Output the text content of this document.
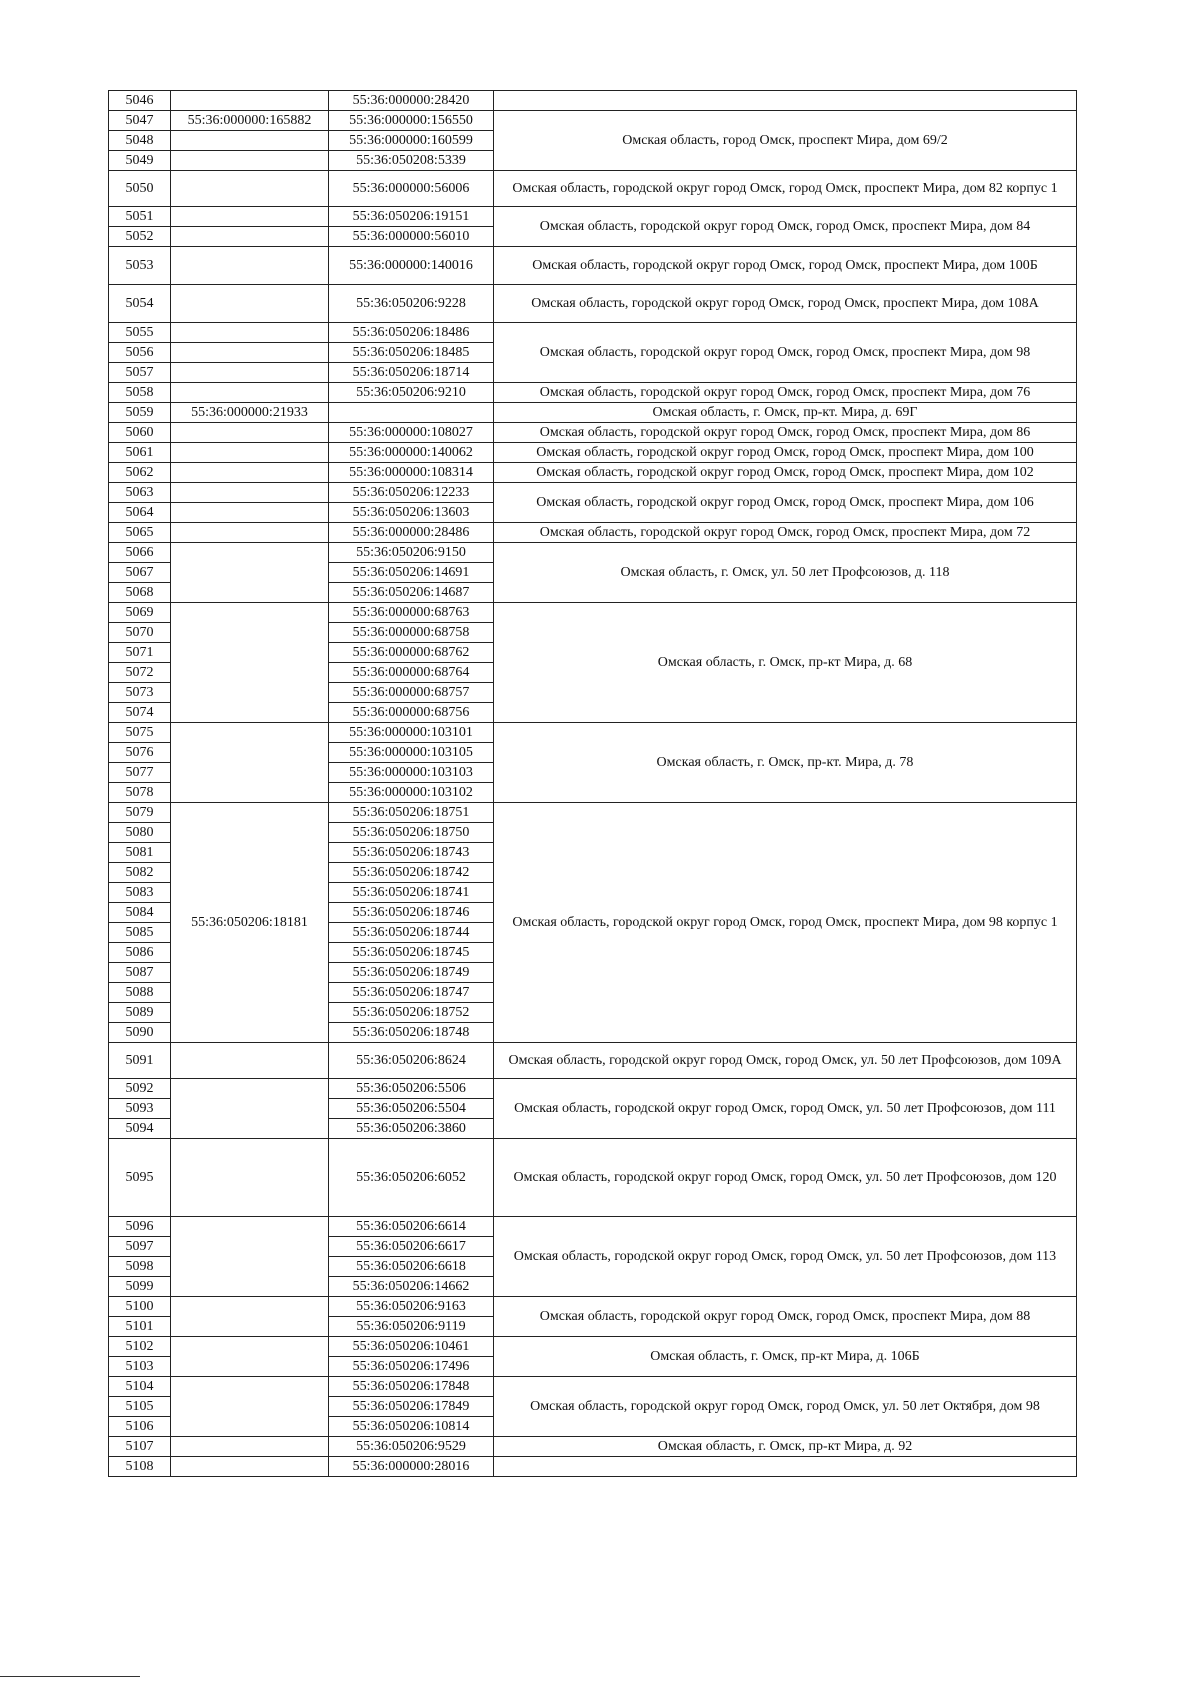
5046		55:36:000000:28420	
5047	55:36:000000:165882	55:36:000000:156550	Омская область, город Омск, проспект Мира, дом 69/2
5048		55:36:000000:160599	
5049		55:36:050208:5339	
5050		55:36:000000:56006	Омская область, городской округ город Омск, город Омск, проспект Мира, дом 82 корпус 1
5051		55:36:050206:19151	Омская область, городской округ город Омск, город Омск, проспект Мира, дом 84
5052		55:36:000000:56010	
5053		55:36:000000:140016	Омская область, городской округ город Омск, город Омск, проспект Мира, дом 100Б
5054		55:36:050206:9228	Омская область, городской округ город Омск, город Омск, проспект Мира, дом 108А
5055		55:36:050206:18486	Омская область, городской округ город Омск, город Омск, проспект Мира, дом 98
5056		55:36:050206:18485	
5057		55:36:050206:18714	
5058		55:36:050206:9210	Омская область, городской округ город Омск, город Омск, проспект Мира, дом 76
5059	55:36:000000:21933		Омская область, г. Омск, пр-кт. Мира, д. 69Г
5060		55:36:000000:108027	Омская область, городской округ город Омск, город Омск, проспект Мира, дом 86
5061		55:36:000000:140062	Омская область, городской округ город Омск, город Омск, проспект Мира, дом 100
5062		55:36:000000:108314	Омская область, городской округ город Омск, город Омск, проспект Мира, дом 102
5063		55:36:050206:12233	Омская область, городской округ город Омск, город Омск, проспект Мира, дом 106
5064		55:36:050206:13603	
5065		55:36:000000:28486	Омская область, городской округ город Омск, город Омск, проспект Мира, дом 72
5066		55:36:050206:9150	Омская область, г. Омск, ул. 50 лет Профсоюзов, д. 118
5067		55:36:050206:14691	
5068		55:36:050206:14687	
5069		55:36:000000:68763	Омская область, г. Омск, пр-кт Мира, д. 68
5070		55:36:000000:68758	
5071		55:36:000000:68762	
5072		55:36:000000:68764	
5073		55:36:000000:68757	
5074		55:36:000000:68756	
5075		55:36:000000:103101	Омская область, г. Омск, пр-кт. Мира, д. 78
5076		55:36:000000:103105	
5077		55:36:000000:103103	
5078		55:36:000000:103102	
5079	55:36:050206:18181	55:36:050206:18751	Омская область, городской округ город Омск, город Омск, проспект Мира, дом 98 корпус 1
5080		55:36:050206:18750	
5081		55:36:050206:18743	
5082		55:36:050206:18742	
5083		55:36:050206:18741	
5084		55:36:050206:18746	
5085		55:36:050206:18744	
5086		55:36:050206:18745	
5087		55:36:050206:18749	
5088		55:36:050206:18747	
5089		55:36:050206:18752	
5090		55:36:050206:18748	
5091		55:36:050206:8624	Омская область, городской округ город Омск, город Омск, ул. 50 лет Профсоюзов, дом 109А
5092		55:36:050206:5506	Омская область, городской округ город Омск, город Омск, ул. 50 лет Профсоюзов, дом 111
5093		55:36:050206:5504	
5094		55:36:050206:3860	
5095		55:36:050206:6052	Омская область, городской округ город Омск, город Омск, ул. 50 лет Профсоюзов, дом 120
5096		55:36:050206:6614	Омская область, городской округ город Омск, город Омск, ул. 50 лет Профсоюзов, дом 113
5097		55:36:050206:6617	
5098		55:36:050206:6618	
5099		55:36:050206:14662	
5100		55:36:050206:9163	Омская область, городской округ город Омск, город Омск, проспект Мира, дом 88
5101		55:36:050206:9119	
5102		55:36:050206:10461	Омская область, г. Омск, пр-кт Мира, д. 106Б
5103		55:36:050206:17496	
5104		55:36:050206:17848	Омская область, городской округ город Омск, город Омск, ул. 50 лет Октября, дом 98
5105		55:36:050206:17849	
5106		55:36:050206:10814	
5107		55:36:050206:9529	Омская область, г. Омск, пр-кт Мира, д. 92
5108		55:36:000000:28016	
